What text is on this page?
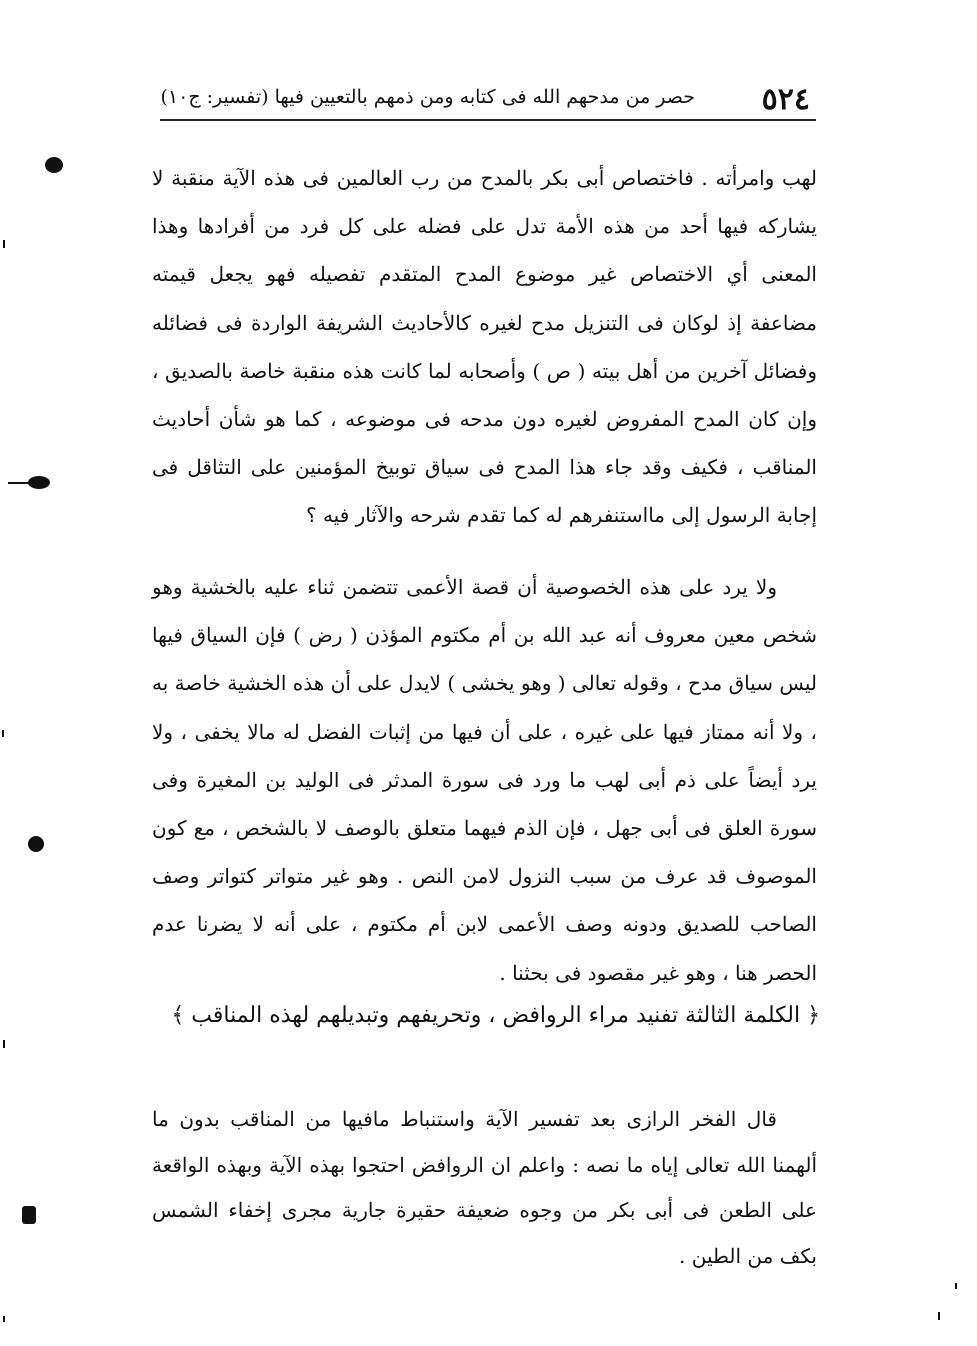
٥٢٤
حصر من مدحهم الله فى كتابه ومن ذمهم بالتعيين فيها (تفسير: ج١٠)

لهب وامرأته . فاختصاص أبى بكر بالمدح من رب العالمين فى هذه الآية منقبة لا يشاركه فيها أحد من هذه الأمة تدل على فضله على كل فرد من أفرادها وهذا المعنى أي الاختصاص غير موضوع المدح المتقدم تفصيله فهو يجعل قيمته مضاعفة إذ لوكان فى التنزيل مدح لغيره كالأحاديث الشريفة الواردة فى فضائله وفضائل آخرين من أهل بيته ( ص ) وأصحابه لما كانت هذه منقبة خاصة بالصديق ، وإن كان المدح المفروض لغيره دون مدحه فى موضوعه ، كما هو شأن أحاديث المناقب ، فكيف وقد جاء هذا المدح فى سياق توبيخ المؤمنين على التثاقل فى إجابة الرسول إلى مااستنفرهم له كما تقدم شرحه والآثار فيه ؟

ولا يرد على هذه الخصوصية أن قصة الأعمى تتضمن ثناء عليه بالخشية وهو شخص معين معروف أنه عبد الله بن أم مكتوم المؤذن ( رض ) فإن السياق فيها ليس سياق مدح ، وقوله تعالى ( وهو يخشى ) لايدل على أن هذه الخشية خاصة به ، ولا أنه ممتاز فيها على غيره ، على أن فيها من إثبات الفضل له مالا يخفى ، ولا يرد أيضاً على ذم أبى لهب ما ورد فى سورة المدثر فى الوليد بن المغيرة وفى سورة العلق فى أبى جهل ، فإن الذم فيهما متعلق بالوصف لا بالشخص ، مع كون الموصوف قد عرف من سبب النزول لامن النص . وهو غير متواتر كتواتر وصف الصاحب للصديق ودونه وصف الأعمى لابن أم مكتوم ، على أنه لا يضرنا عدم الحصر هنا ، وهو غير مقصود فى بحثنا .

﴿ الكلمة الثالثة تفنيد مراء الروافض ، وتحريفهم وتبديلهم لهذه المناقب ﴾

قال الفخر الرازى بعد تفسير الآية واستنباط مافيها من المناقب بدون ما ألهمنا الله تعالى إياه ما نصه : واعلم ان الروافض احتجوا بهذه الآية وبهذه الواقعة على الطعن فى أبى بكر من وجوه ضعيفة حقيرة جارية مجرى إخفاء الشمس بكف من الطين .
